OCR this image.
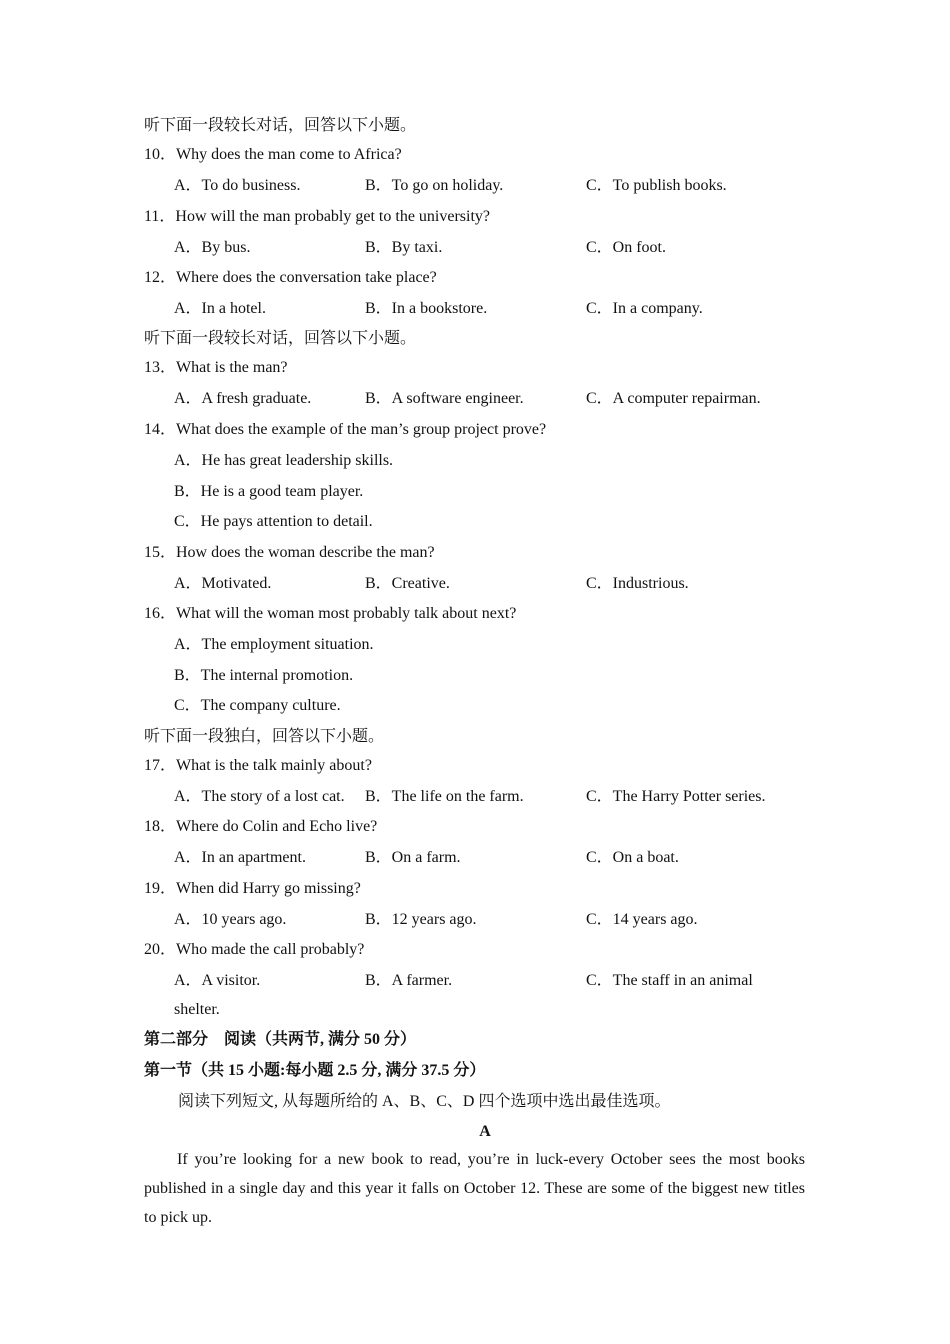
听下面一段较长对话，回答以下小题。
10．Why does the man come to Africa?
A．To do business.	B．To go on holiday.	C．To publish books.
11．How will the man probably get to the university?
A．By bus.	B．By taxi.	C．On foot.
12．Where does the conversation take place?
A．In a hotel.	B．In a bookstore.	C．In a company.
听下面一段较长对话，回答以下小题。
13．What is the man?
A．A fresh graduate.	B．A software engineer.	C．A computer repairman.
14．What does the example of the man’s group project prove?
A．He has great leadership skills.
B．He is a good team player.
C．He pays attention to detail.
15．How does the woman describe the man?
A．Motivated.	B．Creative.	C．Industrious.
16．What will the woman most probably talk about next?
A．The employment situation.
B．The internal promotion.
C．The company culture.
听下面一段独白，回答以下小题。
17．What is the talk mainly about?
A．The story of a lost cat. B．The life on the farm.	C．The Harry Potter series.
18．Where do Colin and Echo live?
A．In an apartment.	B．On a farm.	C．On a boat.
19．When did Harry go missing?
A．10 years ago.	B．12 years ago.	C．14 years ago.
20．Who made the call probably?
A．A visitor.	B．A farmer.	C．The staff in an animal
shelter.
第二部分　阅读（共两节, 满分 50 分）
第一节（共 15 小题:每小题 2.5 分, 满分 37.5 分）
阅读下列短文, 从每题所给的 A、B、C、D 四个选项中选出最佳选项。
A
If you’re looking for a new book to read, you’re in luck-every October sees the most books published in a single day and this year it falls on October 12. These are some of the biggest new titles to pick up.
